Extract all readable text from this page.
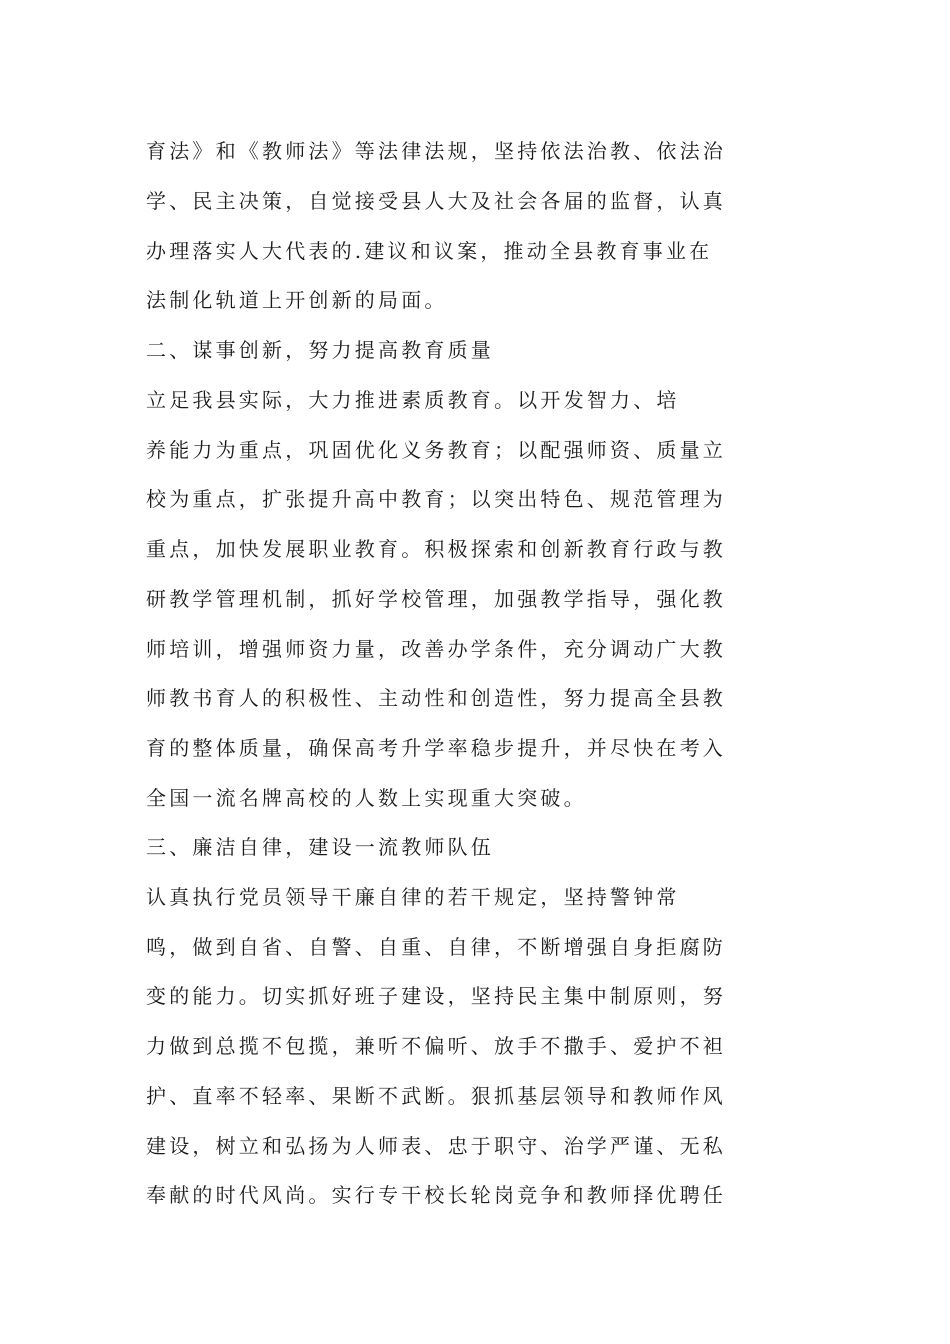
育法》和《教师法》等法律法规，坚持依法治教、依法治
学、民主决策，自觉接受县人大及社会各届的监督，认真
办理落实人大代表的.建议和议案，推动全县教育事业在
法制化轨道上开创新的局面。
二、谋事创新，努力提高教育质量
立足我县实际，大力推进素质教育。以开发智力、培
养能力为重点，巩固优化义务教育；以配强师资、质量立
校为重点，扩张提升高中教育；以突出特色、规范管理为
重点，加快发展职业教育。积极探索和创新教育行政与教
研教学管理机制，抓好学校管理，加强教学指导，强化教
师培训，增强师资力量，改善办学条件，充分调动广大教
师教书育人的积极性、主动性和创造性，努力提高全县教
育的整体质量，确保高考升学率稳步提升，并尽快在考入
全国一流名牌高校的人数上实现重大突破。
三、廉洁自律，建设一流教师队伍
认真执行党员领导干廉自律的若干规定，坚持警钟常
鸣，做到自省、自警、自重、自律，不断增强自身拒腐防
变的能力。切实抓好班子建设，坚持民主集中制原则，努
力做到总揽不包揽，兼听不偏听、放手不撒手、爱护不袒
护、直率不轻率、果断不武断。狠抓基层领导和教师作风
建设，树立和弘扬为人师表、忠于职守、治学严谨、无私
奉献的时代风尚。实行专干校长轮岗竞争和教师择优聘任
